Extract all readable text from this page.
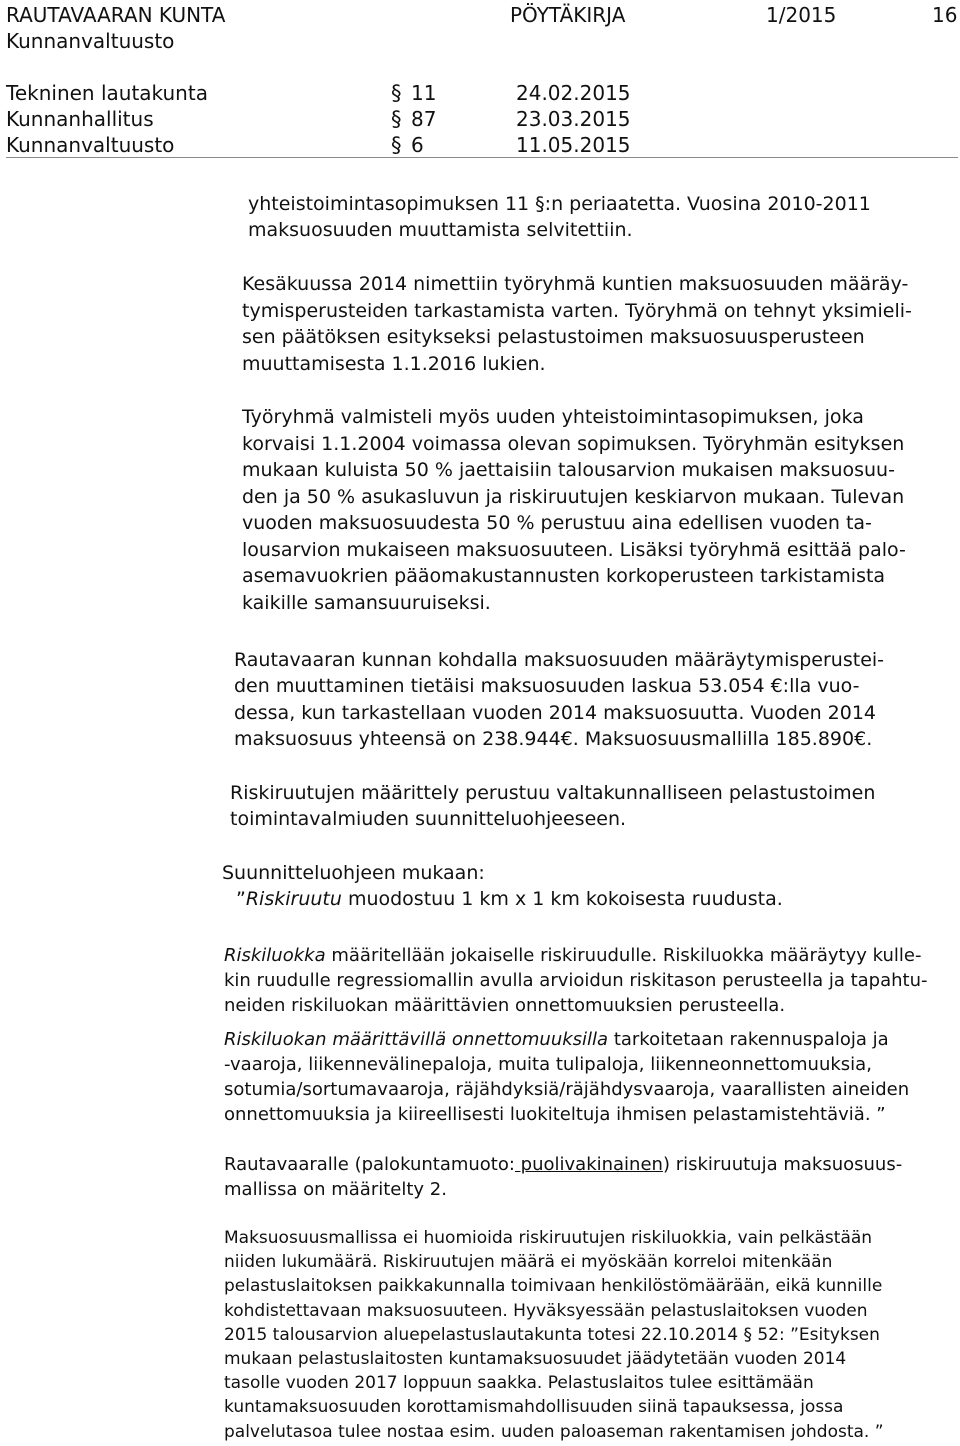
RAUTAVAARAN KUNTA	PÖYTÄKIRJA	1/2015	16
Kunnanvaltuusto
Tekninen lautakunta	§ 11	24.02.2015
Kunnanhallitus	§ 87	23.03.2015
Kunnanvaltuusto	§ 6	11.05.2015
yhteistoimintasopimuksen 11 §:n periaatetta. Vuosina 2010-2011
maksuosuuden muuttamista selvitettiin.
Kesäkuussa 2014 nimettiin työryhmä kuntien maksuosuuden määräy-
tymisperusteiden tarkastamista varten. Työryhmä on tehnyt yksimieli-
sen päätöksen esitykseksi pelastustoimen maksuosuusperusteen
muuttamisesta 1.1.2016 lukien.
Työryhmä valmisteli myös uuden yhteistoimintasopimuksen, joka
korvaisi 1.1.2004 voimassa olevan sopimuksen. Työryhmän esityksen
mukaan kuluista 50 % jaettaisiin talousarvion mukaisen maksuosuu-
den ja 50 % asukasluvun ja riskiruutujen keskiarvon mukaan. Tulevan
vuoden maksuosuudesta 50 % perustuu aina edellisen vuoden ta-
lousarvion mukaiseen maksuosuuteen. Lisäksi työryhmä esittää palo-
asemavuokrien pääomakustannusten korkoperusteen tarkistamista
kaikille samansuuruiseksi.
Rautavaaran kunnan kohdalla maksuosuuden määräytymisperustei-
den muuttaminen tietäisi maksuosuuden laskua 53.054 €:lla vuo-
dessa, kun tarkastellaan vuoden 2014 maksuosuutta. Vuoden 2014
maksuosuus yhteensä on 238.944€. Maksuosuusmallilla 185.890€.
Riskiruutujen määrittely perustuu valtakunnalliseen pelastustoimen
toimintavalmiuden suunnitteluohjeeseen.
Suunnitteluohjeen mukaan:
”Riskiruutu muodostuu 1 km x 1 km kokoisesta ruudusta.
Riskiluokka määritellään jokaiselle riskiruudulle. Riskiluokka määräytyy kulle-
kin ruudulle regressiomallin avulla arvioidun riskitason perusteella ja tapahtu-
neiden riskiluokan määrittävien onnettomuuksien perusteella.
Riskiluokan määrittävillä onnettomuuksilla tarkoitetaan rakennuspaloja ja
-vaaroja, liikennevälinepaloja, muita tulipaloja, liikenneonnettomuuksia,
sotumia/sortumavaaroja, räjähdyksiä/räjähdysvaaroja, vaarallisten aineiden
onnettomuuksia ja kiireellisesti luokiteltuja ihmisen pelastamistehtäviä. ”
Rautavaaralle (palokuntamuoto: puolivakinainen) riskiruutuja maksuosuus-
mallissa on määritelty 2.
Maksuosuusmallissa ei huomioida riskiruutujen riskiluokkia, vain pelkästään
niiden lukumäärä. Riskiruutujen määrä ei myöskään korreloi mitenkään
pelastuslaitoksen paikkakunnalla toimivaan henkilöstömäärään, eikä kunnille
kohdistettavaan maksuosuuteen. Hyväksyessään pelastuslaitoksen vuoden
2015 talousarvion aluepelastuslautakunta totesi 22.10.2014 § 52: ”Esityksen
mukaan pelastuslaitosten kuntamaksuosuudet jäädytetään vuoden 2014
tasolle vuoden 2017 loppuun saakka. Pelastuslaitos tulee esittämään
kuntamaksuosuuden korottamismahdollisuuden siinä tapauksessa, jossa
palvelutasoa tulee nostaa esim. uuden paloaseman rakentamisen johdosta. ”
